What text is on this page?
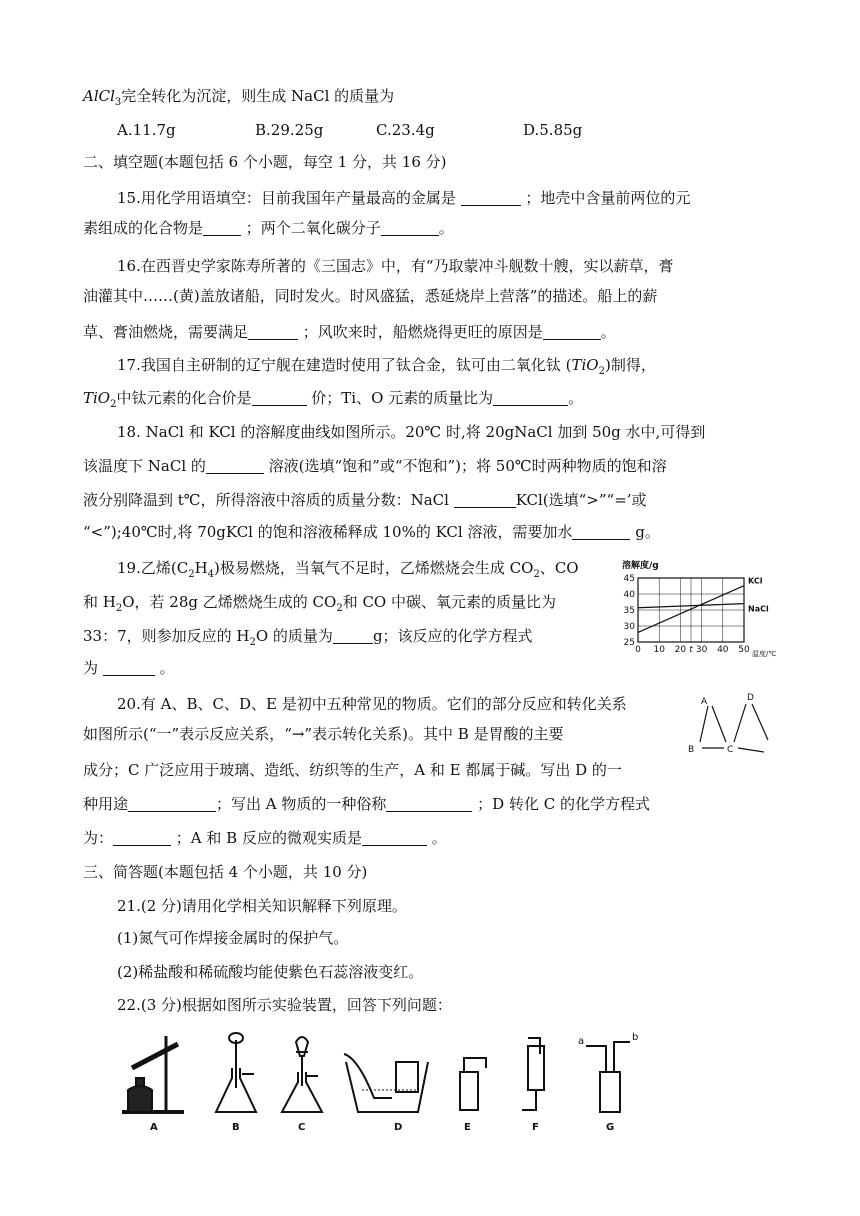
AlCl$_3$完全转化为沉淀，则生成 NaCl 的质量为
A.11.7g	B.29.25g	C.23.4g	D.5.85g
二、填空题(本题包括 6 个小题，每空 1 分，共 16 分)
15.用化学用语填空：目前我国年产量最高的金属是	；地壳中含量前两位的元
素组成的化合物是	；两个二氧化碳分子	。
16.在西晋史学家陈寿所著的《三国志》中，有“乃取蒙冲斗舰数十艘，实以薪草，膏
油灌其中……(黄)盖放诸船，同时发火。时风盛猛，悉延烧岸上营落”的描述。船上的薪
草、膏油燃烧，需要满足	；风吹来时，船燃烧得更旺的原因是	。
17.我国自主研制的辽宁舰在建造时使用了钛合金，钛可由二氧化钛 (TiO$_2$)制得，
TiO$_2$中钛元素的化合价是	价；Ti、O 元素的质量比为	。
18. NaCl 和 KCl 的溶解度曲线如图所示。20℃ 时,将 20gNaCl 加到 50g 水中,可得到
该温度下 NaCl 的	溶液(选填“饱和”或“不饱和”)；将 50℃时两种物质的饱和溶
液分别降温到 t℃，所得溶液中溶质的质量分数：NaCl	KCl(选填“>”“=’或
“<”);40℃时,将 70gKCl 的饱和溶液稀释成 10%的 KCl 溶液，需要加水	g。
19.乙烯$(C_2H_4)$极易燃烧，当氧气不足时，乙烯燃烧会生成 $CO_2$、CO
和 $H_2O$，若 28g 乙烯燃烧生成的 $CO_2$和 CO 中碳、氧元素的质量比为
33：7，则参加反应的 $H_2O$ 的质量为	g；该反应的化学方程式
为	。
溶解度/g
25
30
35
40
45
0 10 20 t 30 40 50
KCl
NaCl
温度/℃
20.有 A、B、C、D、E 是初中五种常见的物质。它们的部分反应和转化关系
如图所示(“一”表示反应关系，“→”表示转化关系)。其中 B 是胃酸的主要
成分；C 广泛应用于玻璃、造纸、纺织等的生产，A 和 E 都属于碱。写出 D 的一
种用途	；写出 A 物质的一种俗称	；D 转化 C 的化学方程式
为：	；A 和 B 反应的微观实质是	。
A	D
B	C
三、简答题(本题包括 4 个小题，共 10 分)
21.(2 分)请用化学相关知识解释下列原理。
(1)氮气可作焊接金属时的保护气。
(2)稀盐酸和稀硫酸均能使紫色石蕊溶液变红。
22.(3 分)根据如图所示实验装置，回答下列问题：
A	B	C	D	E	F	G
a	b
